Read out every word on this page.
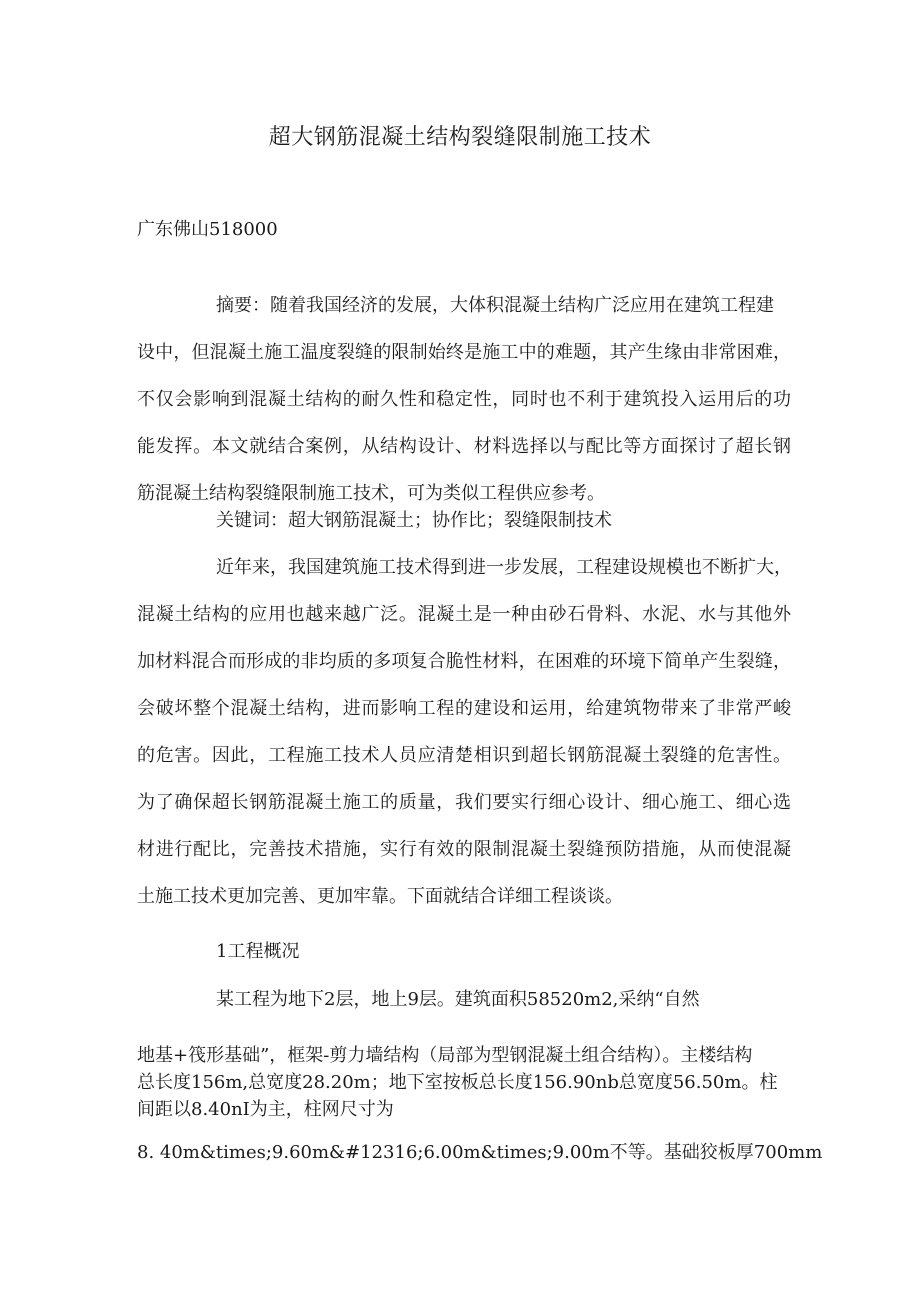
超大钢筋混凝土结构裂缝限制施工技术
广东佛山518000
摘要：随着我国经济的发展，大体积混凝土结构广泛应用在建筑工程建
设中，但混凝土施工温度裂缝的限制始终是施工中的难题，其产生缘由非常困难，
不仅会影响到混凝土结构的耐久性和稳定性，同时也不利于建筑投入运用后的功
能发挥。本文就结合案例，从结构设计、材料选择以与配比等方面探讨了超长钢
筋混凝土结构裂缝限制施工技术，可为类似工程供应参考。
关键词：超大钢筋混凝土；协作比；裂缝限制技术
近年来，我国建筑施工技术得到进一步发展，工程建设规模也不断扩大，
混凝土结构的应用也越来越广泛。混凝土是一种由砂石骨料、水泥、水与其他外
加材料混合而形成的非均质的多项复合脆性材料，在困难的环境下简单产生裂缝，
会破坏整个混凝土结构，进而影响工程的建设和运用，给建筑物带来了非常严峻
的危害。因此，工程施工技术人员应清楚相识到超长钢筋混凝土裂缝的危害性。
为了确保超长钢筋混凝土施工的质量，我们要实行细心设计、细心施工、细心选
材进行配比，完善技术措施，实行有效的限制混凝土裂缝预防措施，从而使混凝
土施工技术更加完善、更加牢靠。下面就结合详细工程谈谈。
1工程概况
某工程为地下2层，地上9层。建筑面积58520m2,采纳“自然
地基+筏形基础”，框架-剪力墙结构（局部为型钢混凝土组合结构）。主楼结构
总长度156m,总宽度28.20m；地下室按板总长度156.90nb总宽度56.50m。柱
间距以8.40nI为主，柱网尺寸为
8. 40m&times;9.60m&#12316;6.00m&times;9.00m不等。基础狡板厚700mm
